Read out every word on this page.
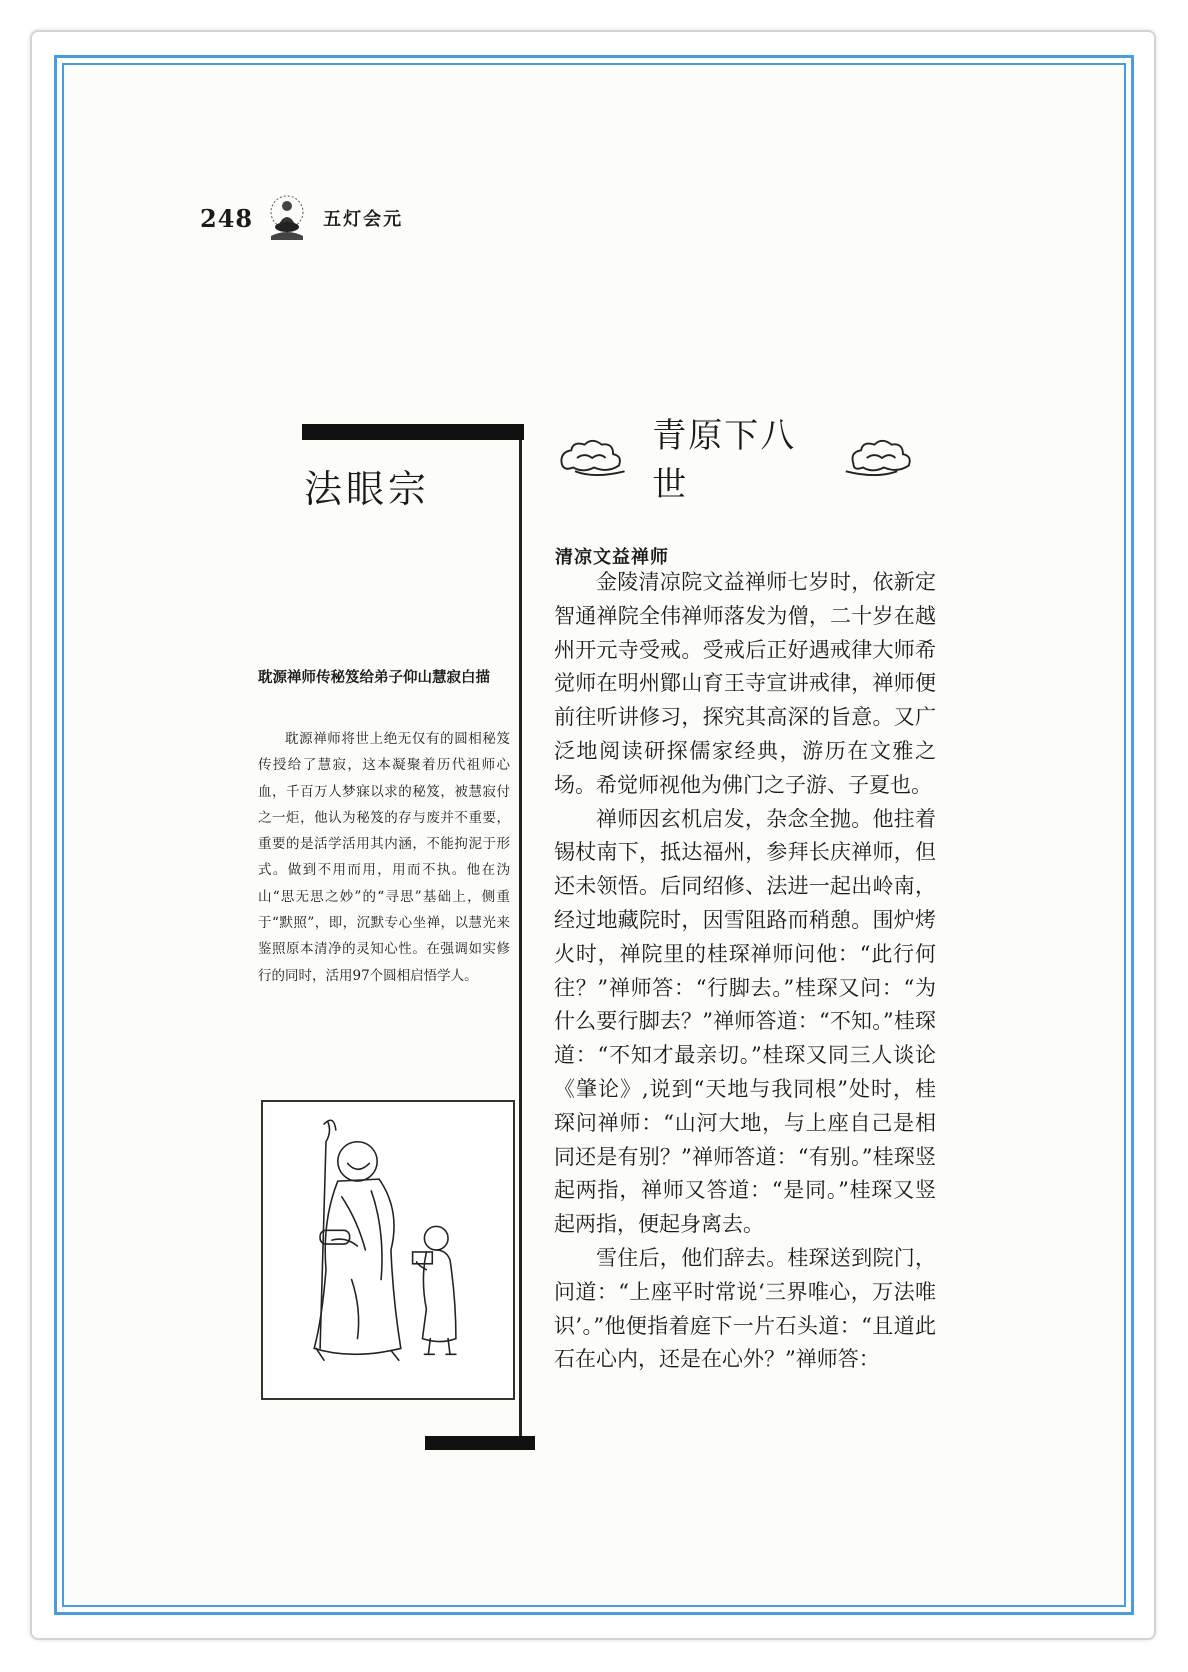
248	五灯会元
法眼宗

耽源禅师传秘笈给弟子仰山慧寂白描

耽源禅师将世上绝无仅有的圆相秘笈传授给了慧寂，这本凝聚着历代祖师心血，千百万人梦寐以求的秘笈，被慧寂付之一炬，他认为秘笈的存与废并不重要，重要的是活学活用其内涵，不能拘泥于形式。做到不用而用，用而不执。他在沩山“思无思之妙”的“寻思”基础上，侧重于“默照”，即，沉默专心坐禅，以慧光来鉴照原本清净的灵知心性。在强调如实修行的同时，活用97个圆相启悟学人。

青原下八世
清凉文益禅师

金陵清凉院文益禅师七岁时，依新定智通禅院全伟禅师落发为僧，二十岁在越州开元寺受戒。受戒后正好遇戒律大师希觉师在明州鄮山育王寺宣讲戒律，禅师便前往听讲修习，探究其高深的旨意。又广泛地阅读研探儒家经典，游历在文雅之场。希觉师视他为佛门之子游、子夏也。

禅师因玄机启发，杂念全抛。他拄着锡杖南下，抵达福州，参拜长庆禅师，但还未领悟。后同绍修、法进一起出岭南，经过地藏院时，因雪阻路而稍憩。围炉烤火时，禅院里的桂琛禅师问他：“此行何往？”禅师答：“行脚去。”桂琛又问：“为什么要行脚去？”禅师答道：“不知。”桂琛道：“不知才最亲切。”桂琛又同三人谈论《肇论》,说到“天地与我同根”处时，桂琛问禅师：“山河大地，与上座自己是相同还是有别？”禅师答道：“有别。”桂琛竖起两指，禅师又答道：“是同。”桂琛又竖起两指，便起身离去。

雪住后，他们辞去。桂琛送到院门，问道：“上座平时常说‘三界唯心，万法唯识’。”他便指着庭下一片石头道：“且道此石在心内，还是在心外？”禅师答：
